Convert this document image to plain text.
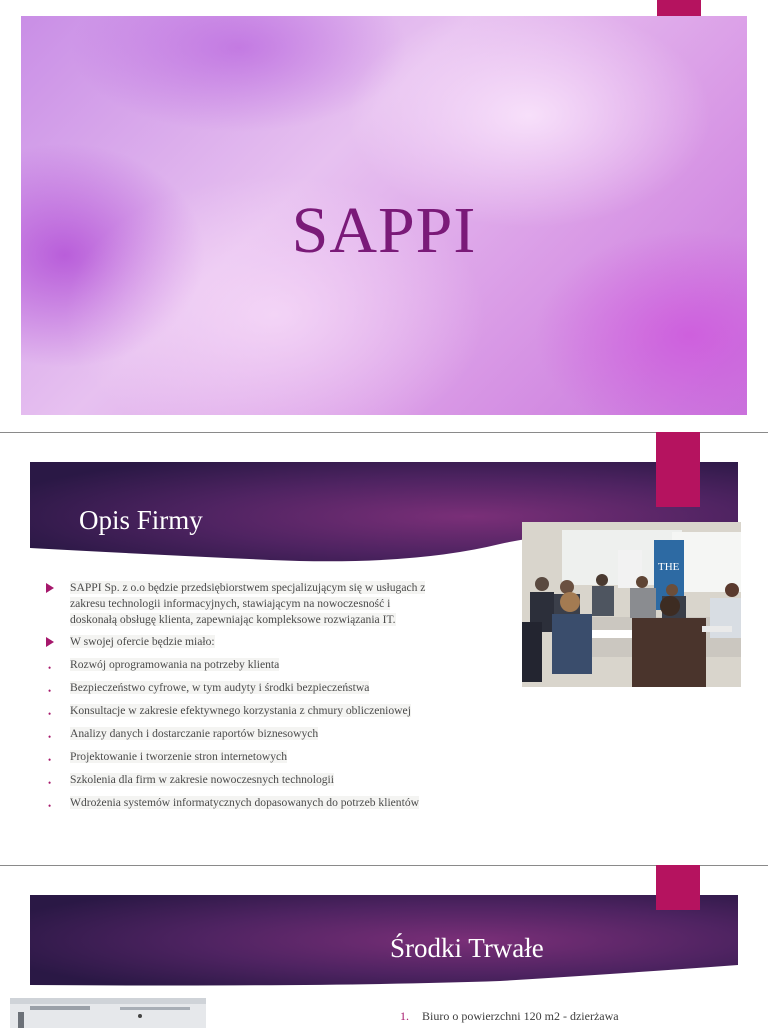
SAPPI
Opis Firmy
THE
SAPPI Sp. z o.o będzie przedsiębiorstwem specjalizującym się w usługach z
zakresu technologii informacyjnych, stawiającym na nowoczesność i
doskonałą obsługę klienta, zapewniając kompleksowe rozwiązania IT.
W swojej ofercie będzie miało:
• Rozwój oprogramowania na potrzeby klienta
• Bezpieczeństwo cyfrowe, w tym audyty i środki bezpieczeństwa
• Konsultacje w zakresie efektywnego korzystania z chmury obliczeniowej
• Analizy danych i dostarczanie raportów biznesowych
• Projektowanie i tworzenie stron internetowych
• Szkolenia dla firm w zakresie nowoczesnych technologii
• Wdrożenia systemów informatycznych dopasowanych do potrzeb klientów
Środki Trwałe
1. Biuro o powierzchni 120 m2 - dzierżawa
